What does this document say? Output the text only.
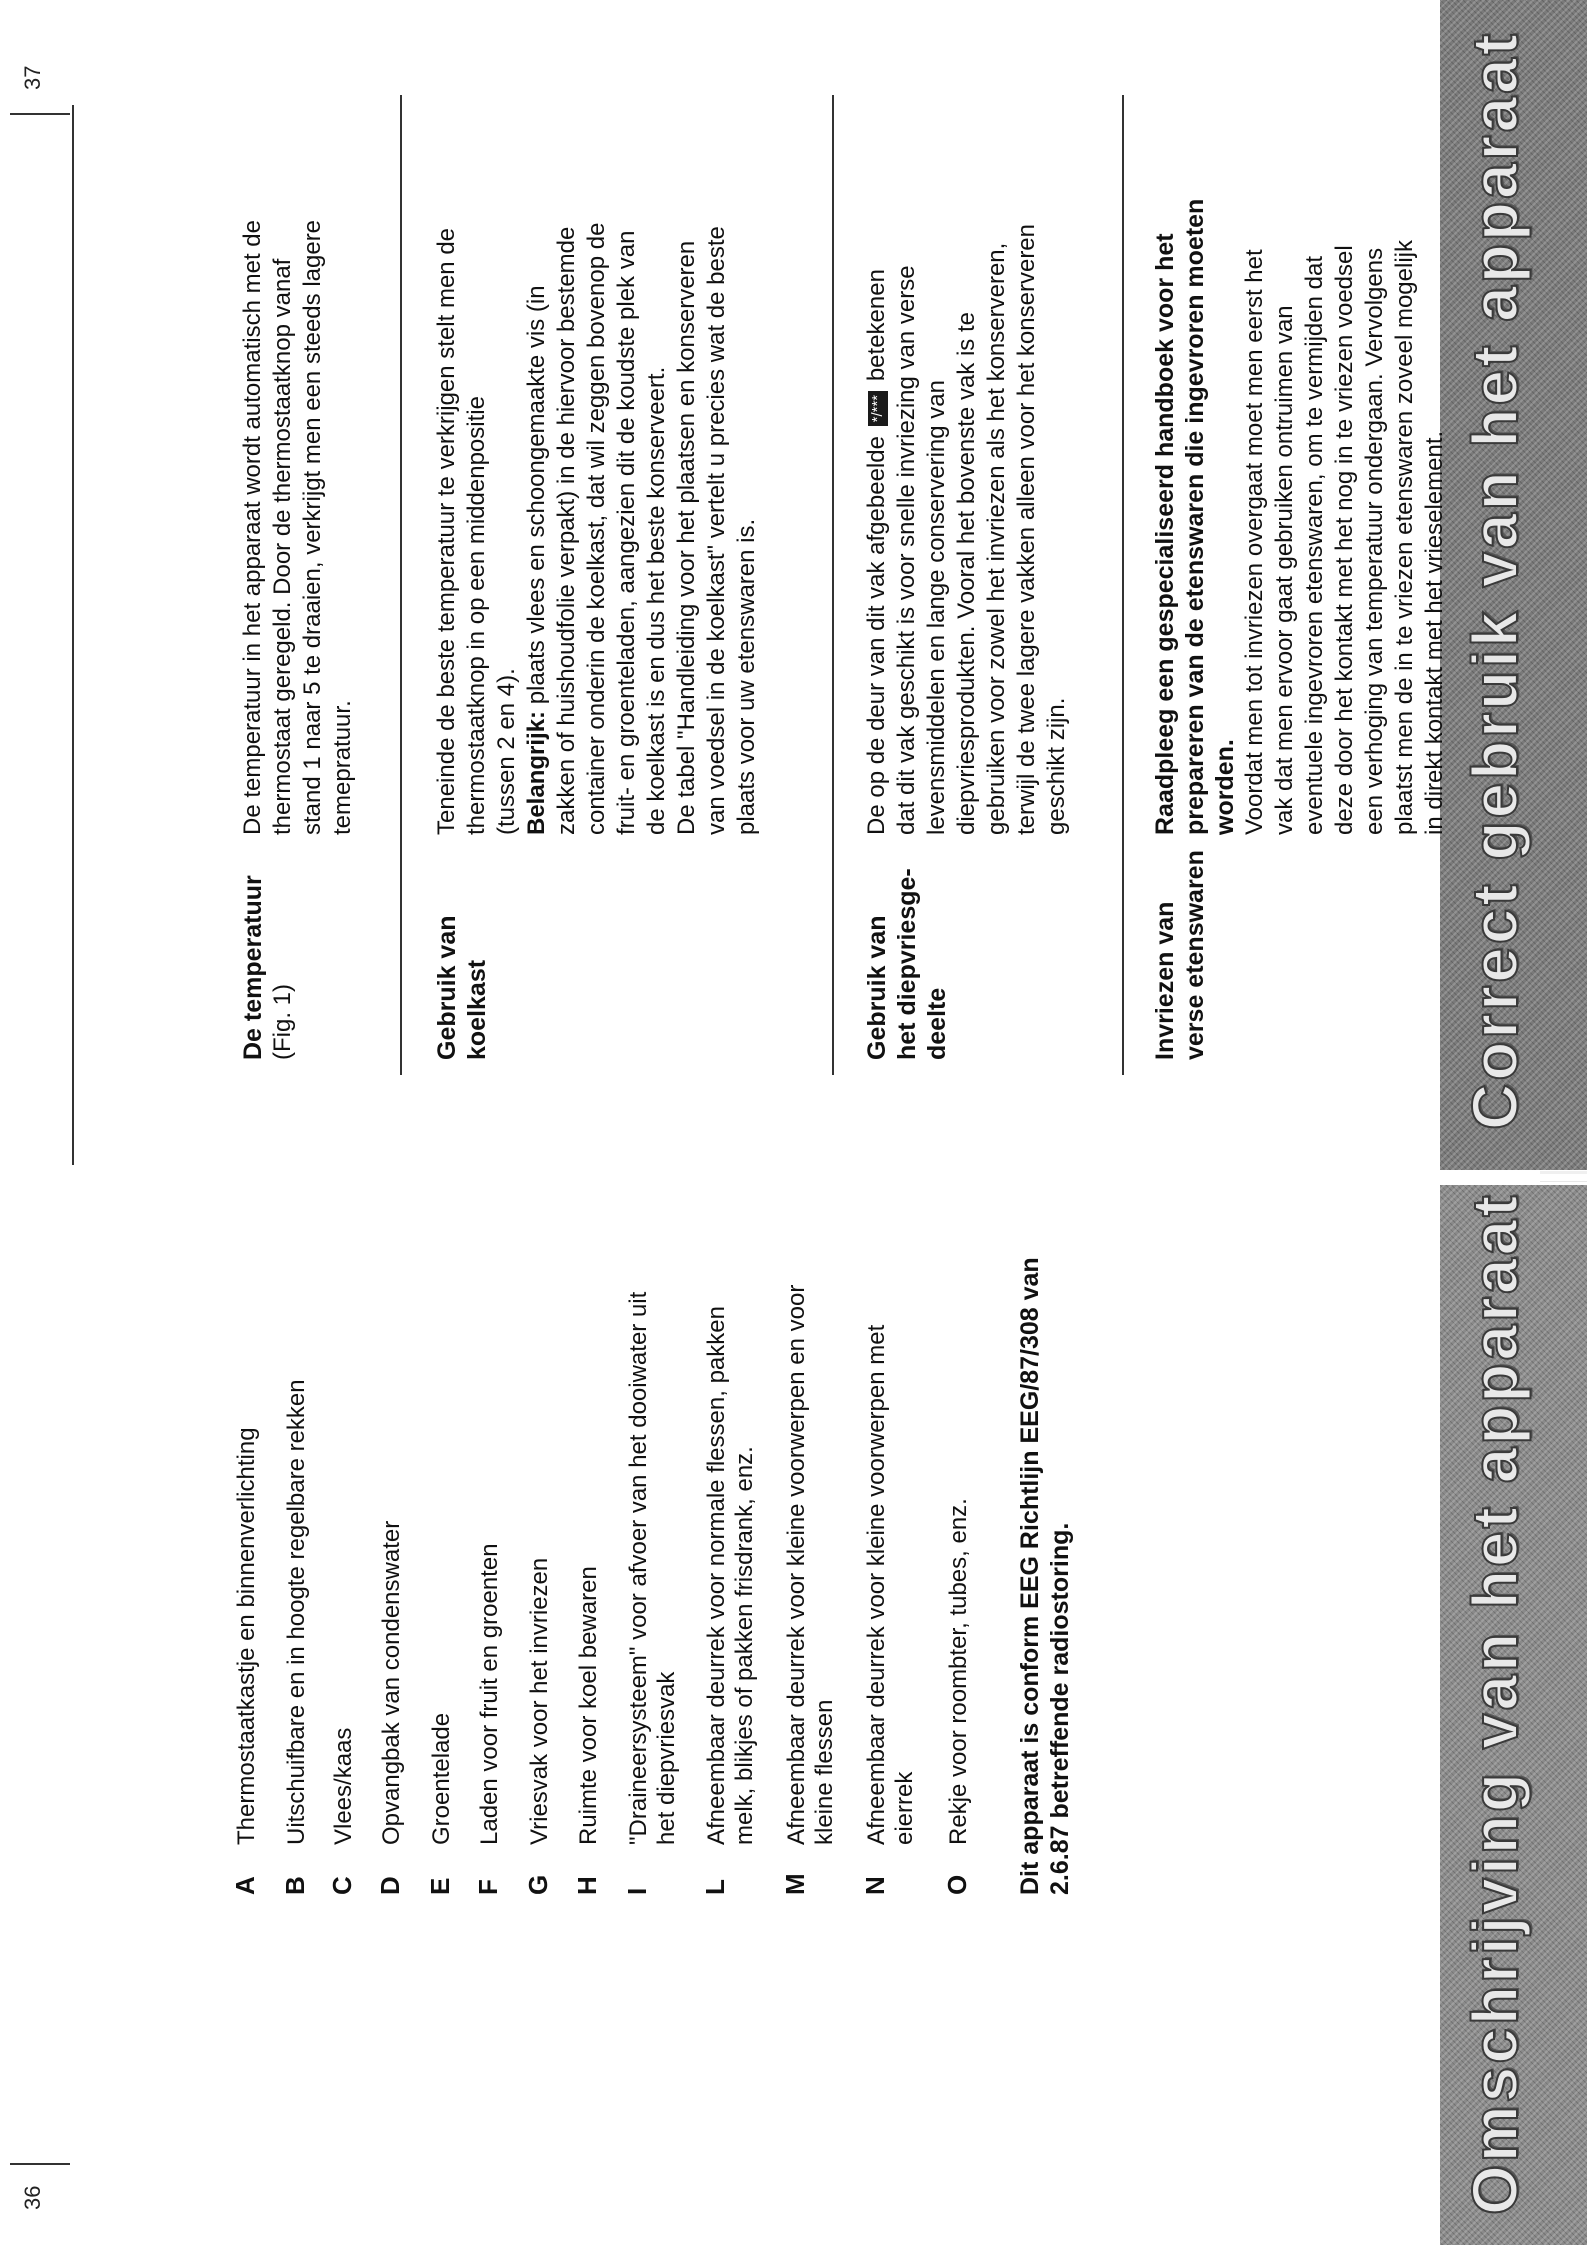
Omschrijving van het apparaat
Correct gebruik van het apparaat
36
37
AThermostaatkastje en binnenverlichting
BUitschuifbare en in hoogte regelbare rekken
CVlees/kaas
DOpvangbak van condenswater
EGroentelade
FLaden voor fruit en groenten
GVriesvak voor het invriezen
HRuimte voor koel bewaren
I"Draineersysteem" voor afvoer van het dooiwater uit het diepvriesvak
LAfneembaar deurrek voor normale flessen, pakken melk, blikjes of pakken frisdrank, enz.
MAfneembaar deurrek voor kleine voorwerpen en voor kleine flessen
NAfneembaar deurrek voor kleine voorwerpen met eierrek
ORekje voor roombter, tubes, enz. Dit apparaat is conform EEG Richtlijn EEG/87/308 van 2.6.87 betreffende radiostoring.
De temperatuur (Fig. 1)
De temperatuur in het apparaat wordt automatisch met de thermostaat geregeld. Door de thermostaatknop vanaf stand 1 naar 5 te draaien, verkrijgt men een steeds lagere temepratuur.
Gebruik van koelkast
Teneinde de beste temperatuur te verkrijgen stelt men de thermostaatknop in op een middenpositie (tussen 2 en 4). Belangrijk: plaats vlees en schoongemaakte vis (in zakken of huishoudfolie verpakt) in de hiervoor bestemde container onderin de koelkast, dat wil zeggen bovenop de fruit- en groenteladen, aangezien dit de koudste plek van de koelkast is en dus het beste konserveert. De tabel "Handleiding voor het plaatsen en konserveren van voedsel in de koelkast" vertelt u precies wat de beste plaats voor uw etenswaren is.
Gebruik van het diepvriesge- deelte
De op de deur van dit vak afgebeelde */*** betekenen dat dit vak geschikt is voor snelle invriezing van verse levensmiddelen en lange conservering van diepvriesprodukten. Vooral het bovenste vak is te gebruiken voor zowel het invriezen als het konserveren, terwijl de twee lagere vakken alleen voor het konserveren geschikt zijn.
Invriezen van verse etenswaren
Raadpleeg een gespecialiseerd handboek voor het prepareren van de etenswaren die ingevroren moeten worden. Voordat men tot invriezen overgaat moet men eerst het vak dat men ervoor gaat gebruiken ontruimen van eventuele ingevroren etenswaren, om te vermijden dat deze door het kontakt met het nog in te vriezen voedsel een verhoging van temperatuur ondergaan. Vervolgens plaatst men de in te vriezen etenswaren zoveel mogelijk in direkt kontakt met het vrieselement.
